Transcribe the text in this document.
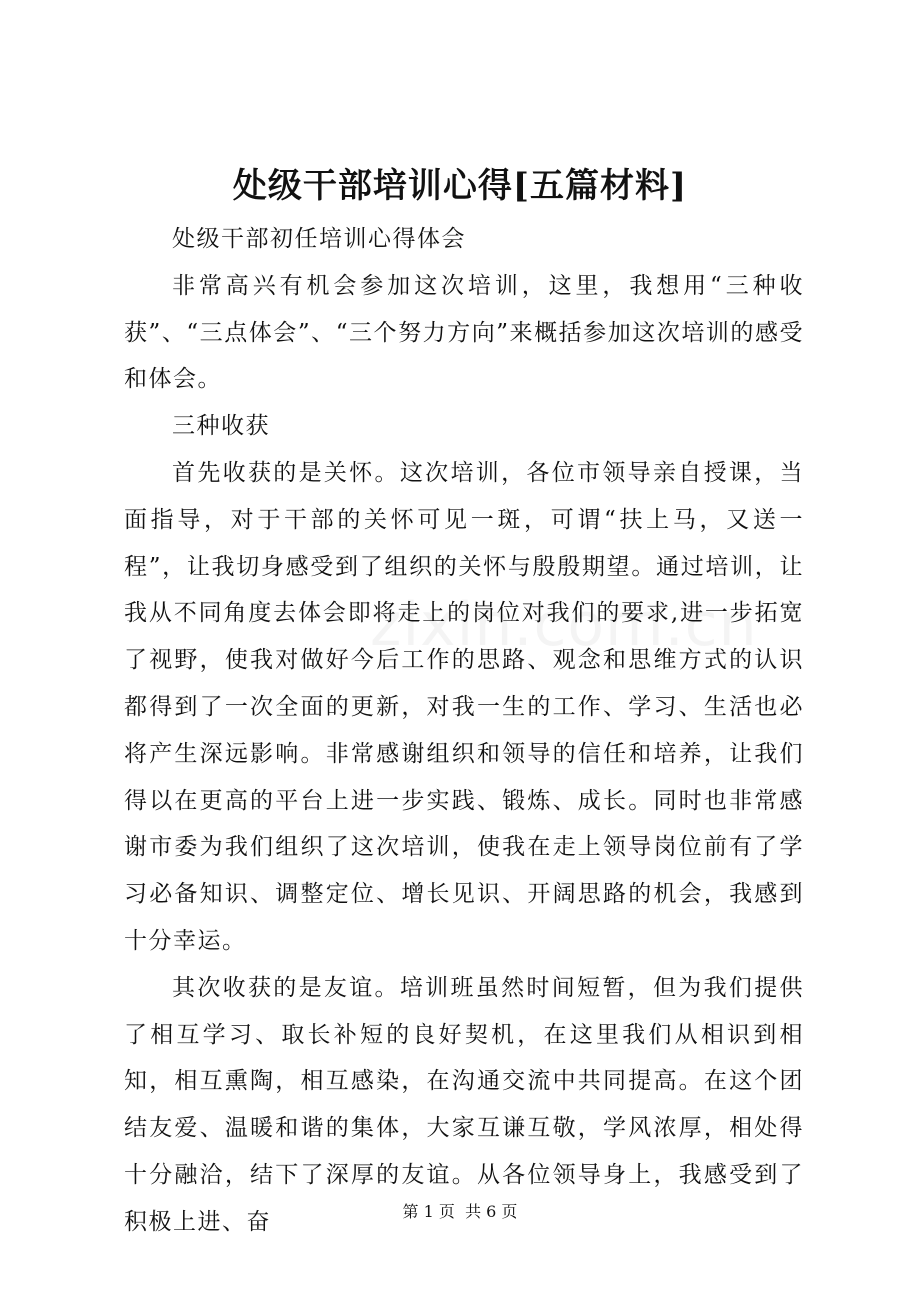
处级干部培训心得[五篇材料]

处级干部初任培训心得体会

非常高兴有机会参加这次培训，这里，我想用“三种收获”、“三点体会”、“三个努力方向”来概括参加这次培训的感受和体会。

三种收获

首先收获的是关怀。这次培训，各位市领导亲自授课，当面指导，对于干部的关怀可见一斑，可谓“扶上马，又送一程”，让我切身感受到了组织的关怀与殷殷期望。通过培训，让我从不同角度去体会即将走上的岗位对我们的要求,进一步拓宽了视野，使我对做好今后工作的思路、观念和思维方式的认识都得到了一次全面的更新，对我一生的工作、学习、生活也必将产生深远影响。非常感谢组织和领导的信任和培养，让我们得以在更高的平台上进一步实践、锻炼、成长。同时也非常感谢市委为我们组织了这次培训，使我在走上领导岗位前有了学习必备知识、调整定位、增长见识、开阔思路的机会，我感到十分幸运。

其次收获的是友谊。培训班虽然时间短暂，但为我们提供了相互学习、取长补短的良好契机，在这里我们从相识到相知，相互熏陶，相互感染，在沟通交流中共同提高。在这个团结友爱、温暖和谐的集体，大家互谦互敬，学风浓厚，相处得十分融洽，结下了深厚的友谊。从各位领导身上，我感受到了积极上进、奋	第 1 页  共 6 页
